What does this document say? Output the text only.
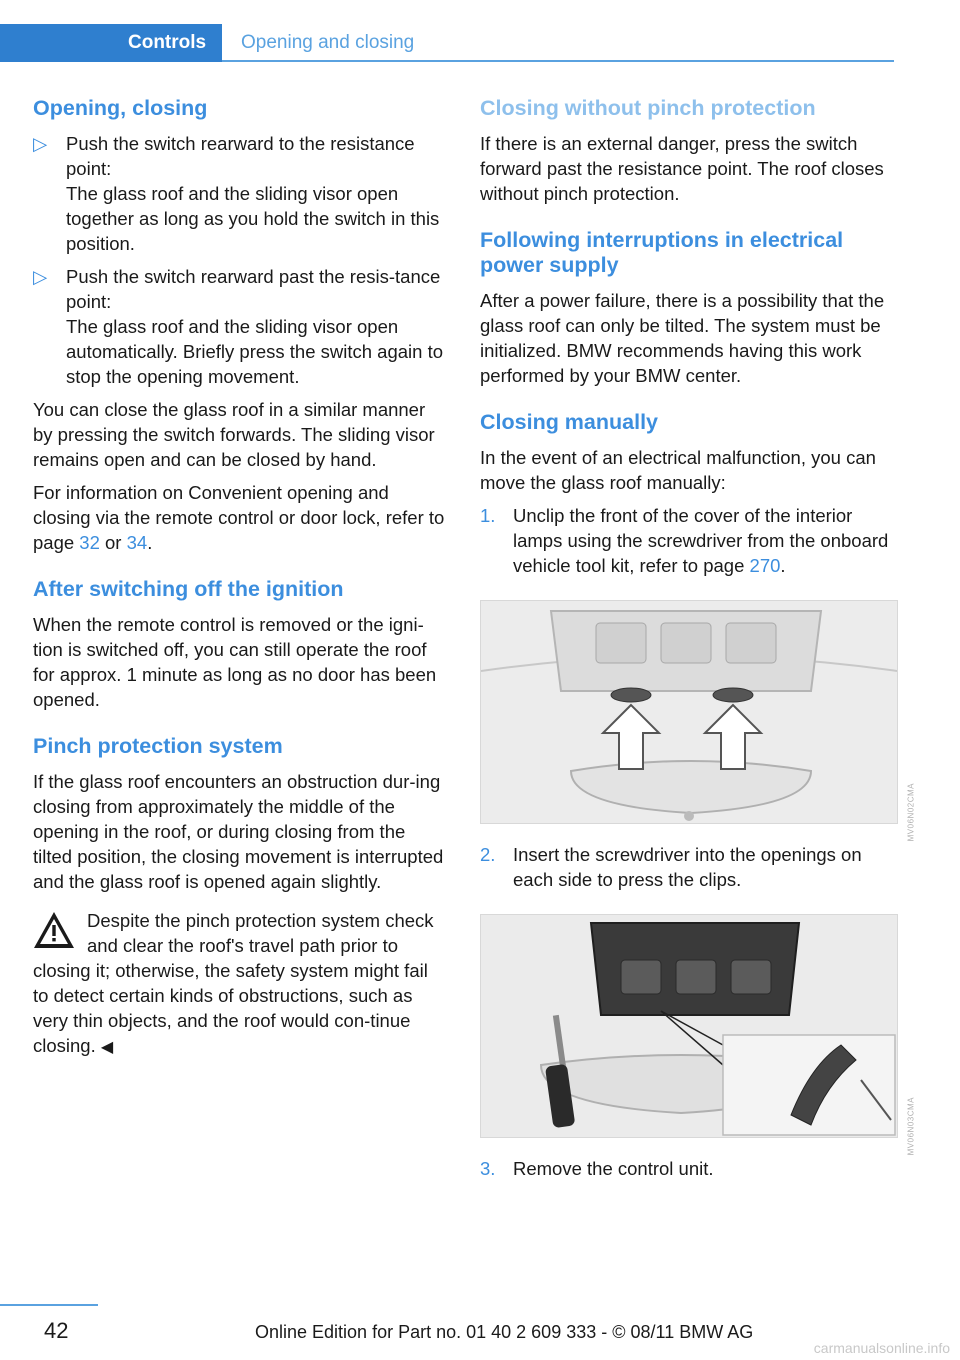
Controls Opening and closing
Opening, closing
▷ Push the switch rearward to the resistance point:
The glass roof and the sliding visor open together as long as you hold the switch in this position.
▷ Push the switch rearward past the resis-tance point:
The glass roof and the sliding visor open automatically. Briefly press the switch again to stop the opening movement.

You can close the glass roof in a similar manner by pressing the switch forwards. The sliding visor remains open and can be closed by hand.

For information on Convenient opening and closing via the remote control or door lock, refer to page 32 or 34.

After switching off the ignition

When the remote control is removed or the igni-tion is switched off, you can still operate the roof for approx. 1 minute as long as no door has been opened.

Pinch protection system

If the glass roof encounters an obstruction dur-ing closing from approximately the middle of the opening in the roof, or during closing from the tilted position, the closing movement is interrupted and the glass roof is opened again slightly.

Despite the pinch protection system check and clear the roof's travel path prior to closing it; otherwise, the safety system might fail to detect certain kinds of obstructions, such as very thin objects, and the roof would con-tinue closing. ◀

Closing without pinch protection

If there is an external danger, press the switch forward past the resistance point. The roof closes without pinch protection.

Following interruptions in electrical power supply

After a power failure, there is a possibility that the glass roof can only be tilted. The system must be initialized. BMW recommends having this work performed by your BMW center.

Closing manually

In the event of an electrical malfunction, you can move the glass roof manually:

1. Unclip the front of the cover of the interior lamps using the screwdriver from the onboard vehicle tool kit, refer to page 270.
MV06N02CMA
2. Insert the screwdriver into the openings on each side to press the clips.
MV06N03CMA
3. Remove the control unit.
42	Online Edition for Part no. 01 40 2 609 333 - © 08/11 BMW AG
carmanualsonline.info
